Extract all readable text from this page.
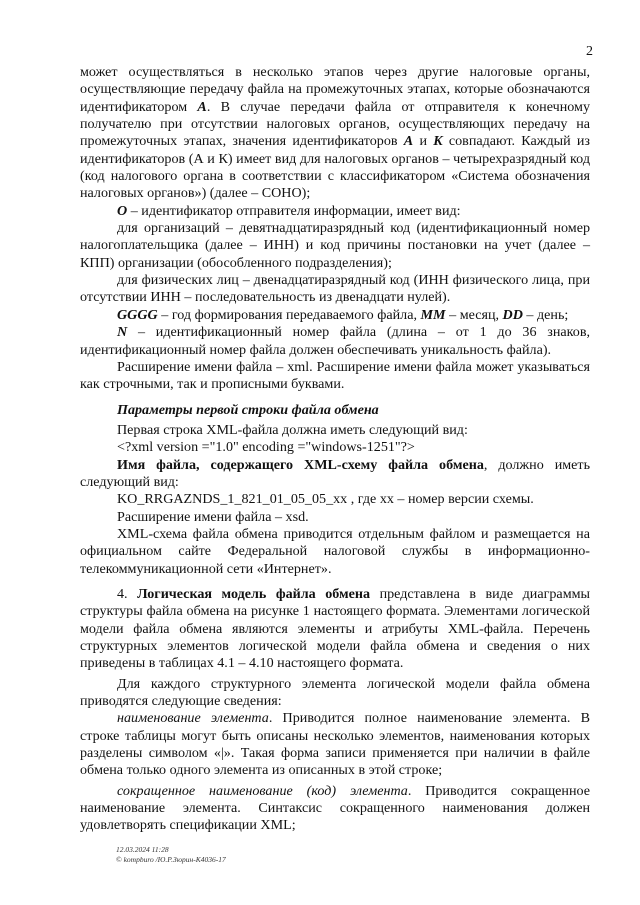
2

может осуществляться в несколько этапов через другие налоговые органы, осуществляющие передачу файла на промежуточных этапах, которые обозначаются идентификатором A. В случае передачи файла от отправителя к конечному получателю при отсутствии налоговых органов, осуществляющих передачу на промежуточных этапах, значения идентификаторов A и K совпадают. Каждый из идентификаторов (А и К) имеет вид для налоговых органов – четырехразрядный код (код налогового органа в соответствии с классификатором «Система обозначения налоговых органов») (далее – СОНО);

O – идентификатор отправителя информации, имеет вид:

для организаций – девятнадцатиразрядный код (идентификационный номер налогоплательщика (далее – ИНН) и код причины постановки на учет (далее – КПП) организации (обособленного подразделения);

для физических лиц – двенадцатиразрядный код (ИНН физического лица, при отсутствии ИНН – последовательность из двенадцати нулей).

GGGG – год формирования передаваемого файла, MM – месяц, DD – день;

N – идентификационный номер файла (длина – от 1 до 36 знаков, идентификационный номер файла должен обеспечивать уникальность файла).

Расширение имени файла – xml. Расширение имени файла может указываться как строчными, так и прописными буквами.

Параметры первой строки файла обмена

Первая строка XML-файла должна иметь следующий вид:

<?xml version ="1.0" encoding ="windows-1251"?>

Имя файла, содержащего XML-схему файла обмена, должно иметь следующий вид:

KO_RRGAZNDS_1_821_01_05_05_xx , где хх – номер версии схемы.

Расширение имени файла – xsd.

XML-схема файла обмена приводится отдельным файлом и размещается на официальном сайте Федеральной налоговой службы в информационно-телекоммуникационной сети «Интернет».

4. Логическая модель файла обмена представлена в виде диаграммы структуры файла обмена на рисунке 1 настоящего формата. Элементами логической модели файла обмена являются элементы и атрибуты XML-файла. Перечень структурных элементов логической модели файла обмена и сведения о них приведены в таблицах 4.1 – 4.10 настоящего формата.

Для каждого структурного элемента логической модели файла обмена приводятся следующие сведения:

наименование элемента. Приводится полное наименование элемента. В строке таблицы могут быть описаны несколько элементов, наименования которых разделены символом «|». Такая форма записи применяется при наличии в файле обмена только одного элемента из описанных в этой строке;

сокращенное наименование (код) элемента. Приводится сокращенное наименование элемента. Синтаксис сокращенного наименования должен удовлетворять спецификации XML;

12.03.2024 11:28
© kompburo /Ю.Р.Зюрин-К4036-17
